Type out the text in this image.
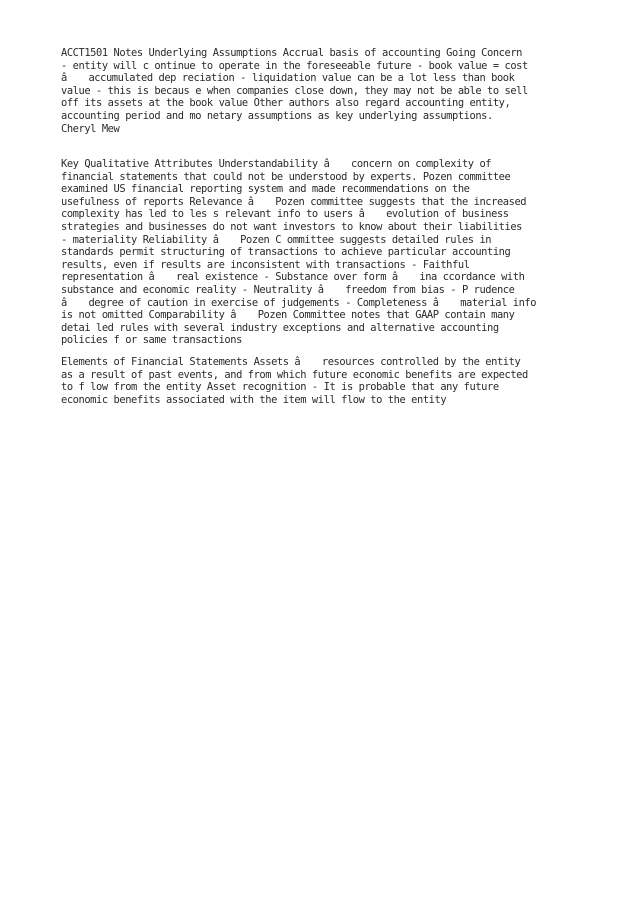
ACCT1501 Notes Underlying Assumptions Accrual basis of accounting Going Concern
- entity will c ontinue to operate in the foreseeable future - book value = cost
â accumulated dep reciation - liquidation value can be a lot less than book
value - this is becaus e when companies close down, they may not be able to sell
off its assets at the book value Other authors also regard accounting entity,
accounting period and mo netary assumptions as key underlying assumptions.
Cheryl Mew
Key Qualitative Attributes Understandability â concern on complexity of
financial statements that could not be understood by experts. Pozen committee
examined US financial reporting system and made recommendations on the
usefulness of reports Relevance â Pozen committee suggests that the increased
complexity has led to les s relevant info to users â evolution of business
strategies and businesses do not want investors to know about their liabilities
- materiality Reliability â Pozen C ommittee suggests detailed rules in
standards permit structuring of transactions to achieve particular accounting
results, even if results are inconsistent with transactions - Faithful
representation â real existence - Substance over form â ina ccordance with
substance and economic reality - Neutrality â freedom from bias - P rudence
â degree of caution in exercise of judgements - Completeness â material info
is not omitted Comparability â Pozen Committee notes that GAAP contain many
detai led rules with several industry exceptions and alternative accounting
policies f or same transactions
Elements of Financial Statements Assets â resources controlled by the entity
as a result of past events, and from which future economic benefits are expected
to f low from the entity Asset recognition - It is probable that any future
economic benefits associated with the item will flow to the entity
